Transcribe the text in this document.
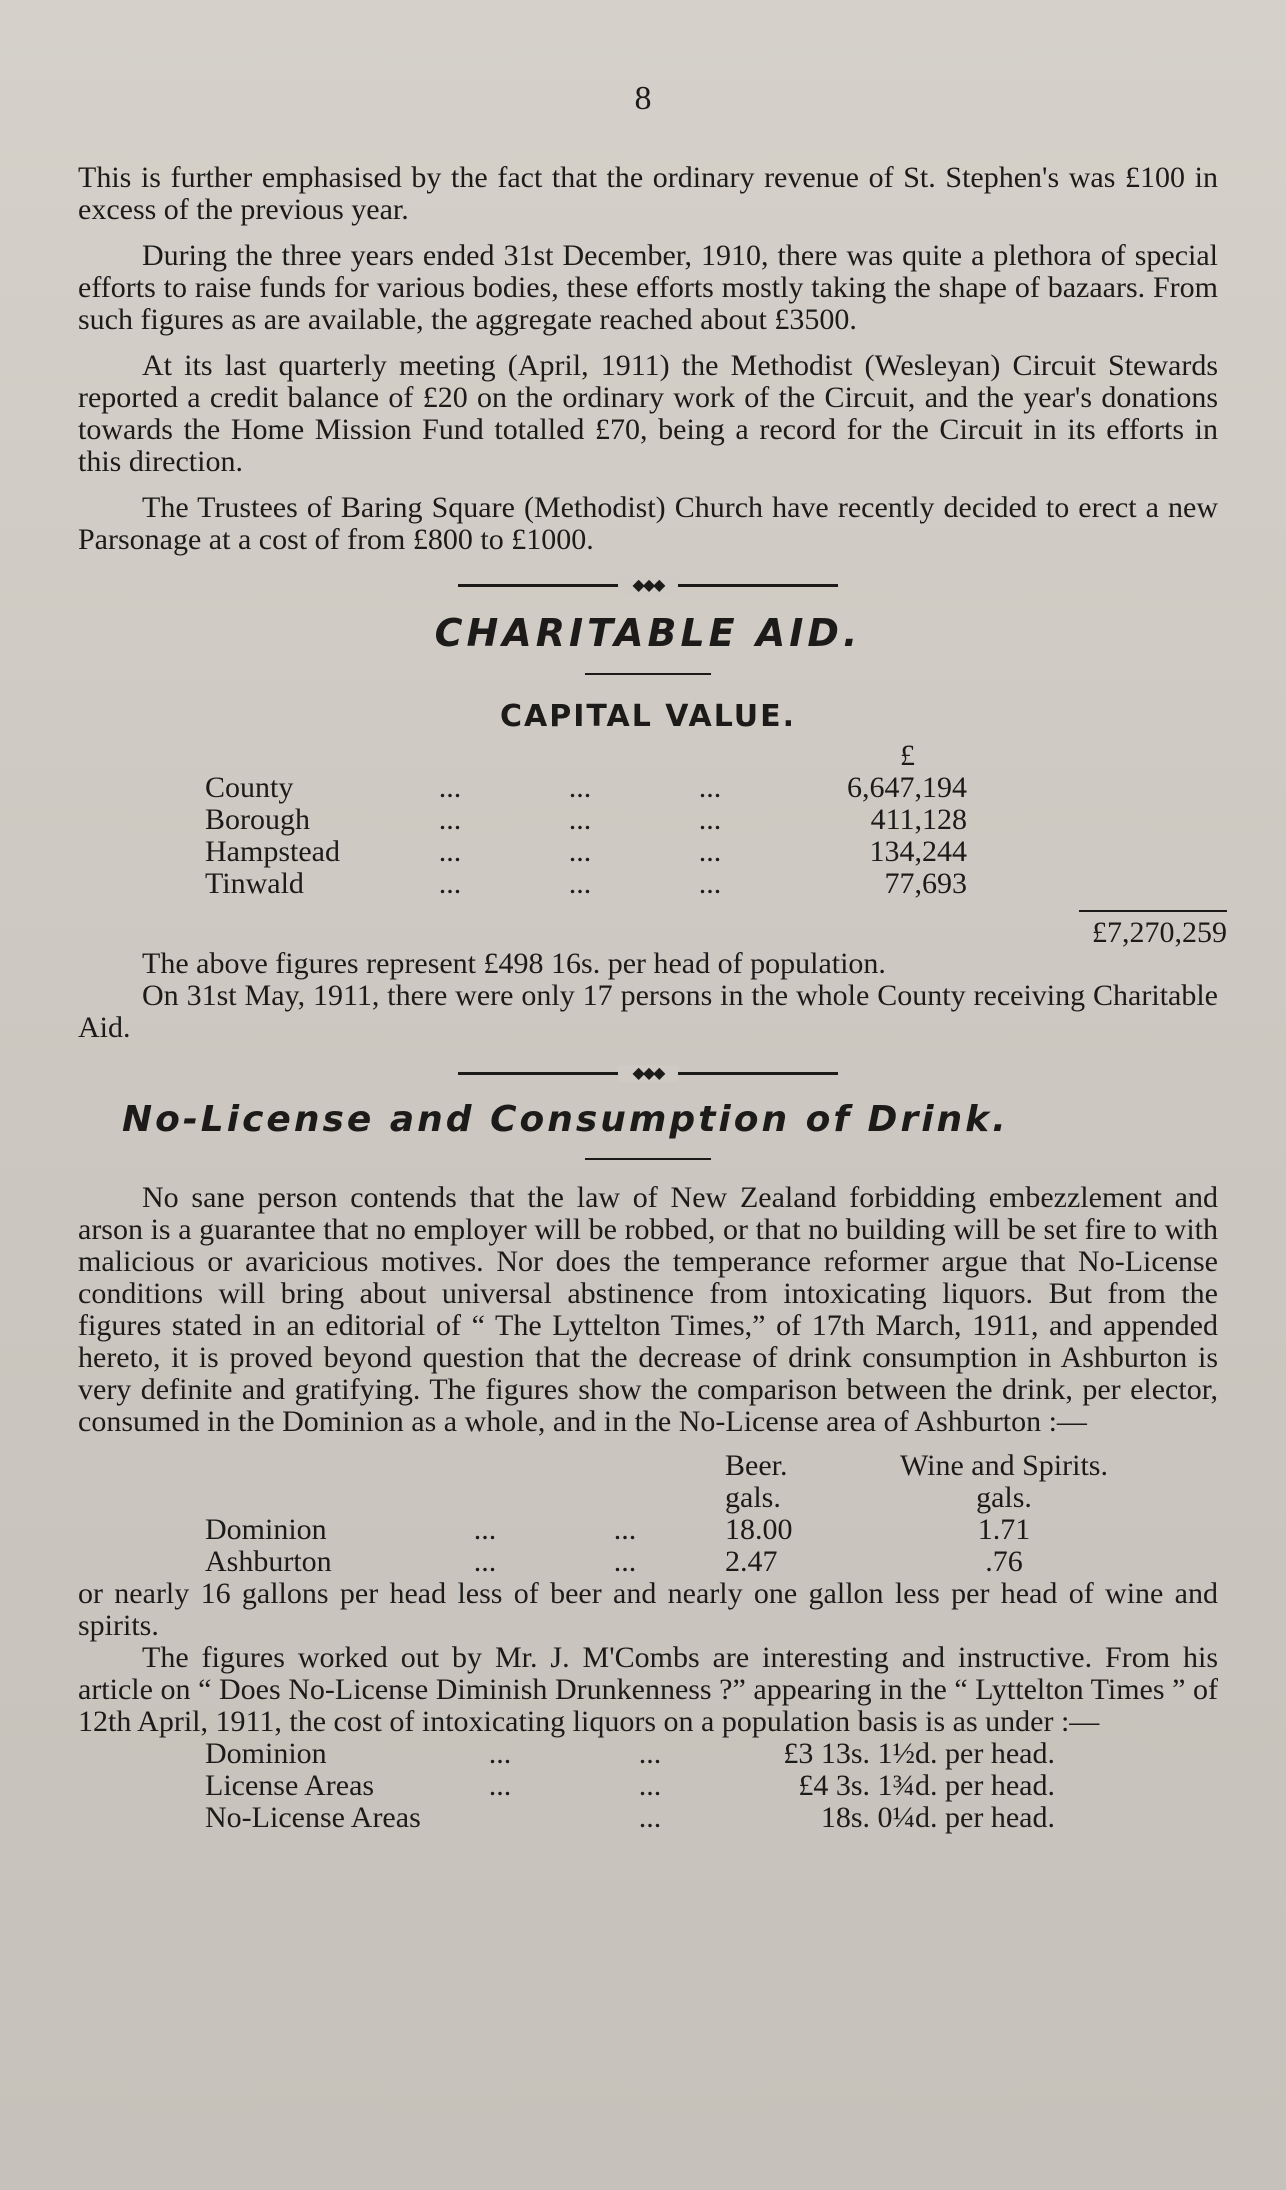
8

This is further emphasised by the fact that the ordinary revenue of St. Stephen's was £100 in excess of the previous year.

During the three years ended 31st December, 1910, there was quite a plethora of special efforts to raise funds for various bodies, these efforts mostly taking the shape of bazaars. From such figures as are available, the aggregate reached about £3500.

At its last quarterly meeting (April, 1911) the Methodist (Wesleyan) Circuit Stewards reported a credit balance of £20 on the ordinary work of the Circuit, and the year's donations towards the Home Mission Fund totalled £70, being a record for the Circuit in its efforts in this direction.

The Trustees of Baring Square (Methodist) Church have recently decided to erect a new Parsonage at a cost of from £800 to £1000.

◆◆◆
CHARITABLE AID.
CAPITAL VALUE.
				£
County	...	...	...	6,647,194
Borough	...	...	...	411,128
Hampstead	...	...	...	134,244
Tinwald	...	...	...	77,693
£7,270,259

The above figures represent £498 16s. per head of population.

On 31st May, 1911, there were only 17 persons in the whole County receiving Charitable Aid.

◆◆◆
No-License and Consumption of Drink.

No sane person contends that the law of New Zealand forbidding embezzlement and arson is a guarantee that no employer will be robbed, or that no building will be set fire to with malicious or avaricious motives. Nor does the temperance reformer argue that No-License conditions will bring about universal abstinence from intoxicating liquors. But from the figures stated in an editorial of “ The Lyttelton Times,” of 17th March, 1911, and appended hereto, it is proved beyond question that the decrease of drink consumption in Ashburton is very definite and gratifying. The figures show the comparison between the drink, per elector, consumed in the Dominion as a whole, and in the No-License area of Ashburton :—

			Beer.	Wine and Spirits.
			gals.	gals.
Dominion	...	...	18.00	1.71
Ashburton	...	...	2.47	.76

or nearly 16 gallons per head less of beer and nearly one gallon less per head of wine and spirits.

The figures worked out by Mr. J. M'Combs are interesting and instructive. From his article on “ Does No-License Diminish Drunkenness ?” appearing in the “ Lyttelton Times ” of 12th April, 1911, the cost of intoxicating liquors on a population basis is as under :—

Dominion	...	...	£3 13s. 1½d. per head.
License Areas	...	...	£4 3s. 1¾d. per head.
No-License Areas		...	18s. 0¼d. per head.
